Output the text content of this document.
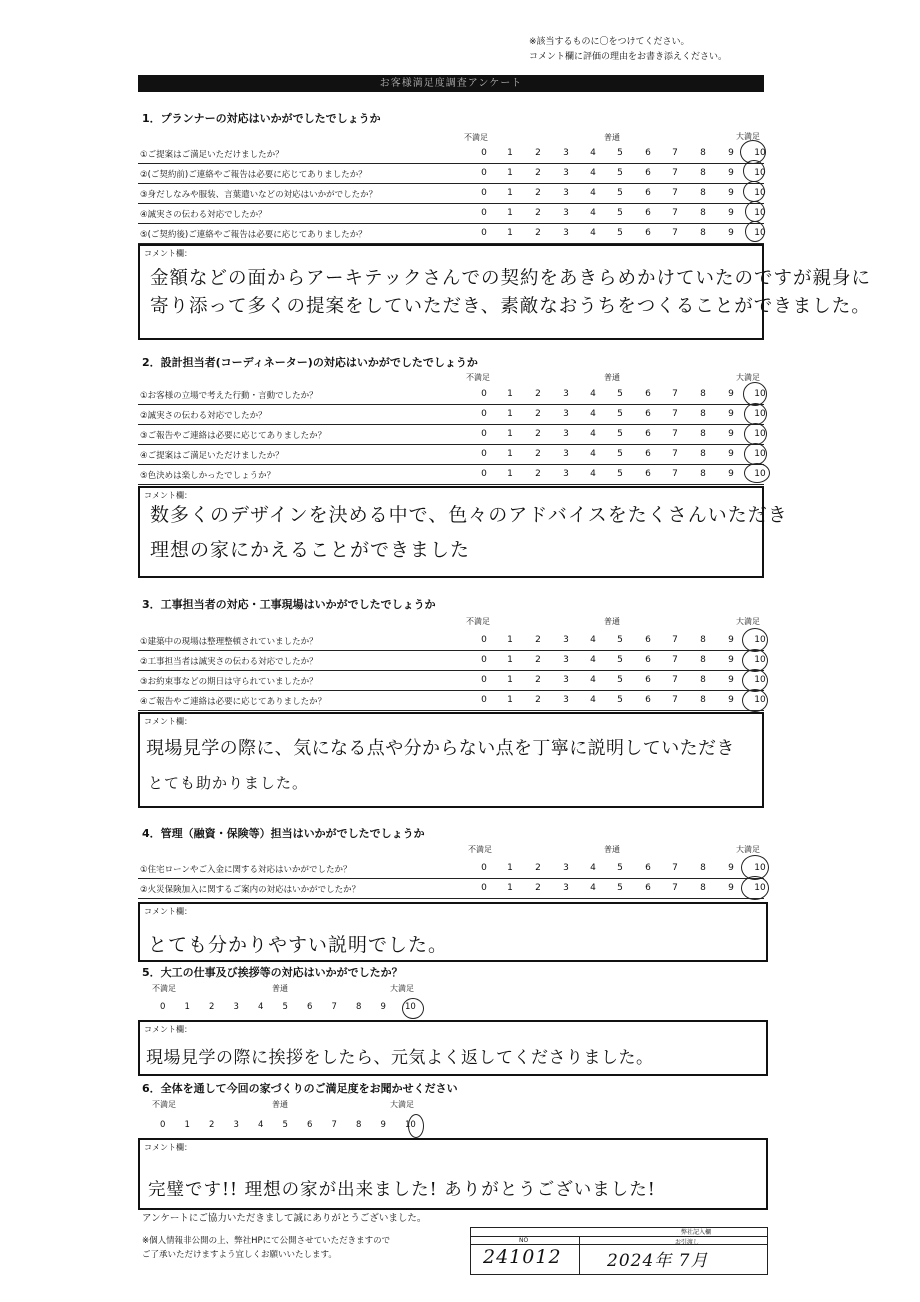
※該当するものに〇をつけてください。
コメント欄に評価の理由をお書き添えください。
お客様満足度調査アンケート
1．プランナーの対応はいかがでしたでしょうか
不満足	普通	大満足
①ご提案はご満足いただけましたか？	0	1	2	3	4	5	6	7	8	9	10
②(ご契約前)ご連絡やご報告は必要に応じてありましたか？	0	1	2	3	4	5	6	7	8	9	10
③身だしなみや服装、言葉遣いなどの対応はいかがでしたか？	0	1	2	3	4	5	6	7	8	9	10
④誠実さの伝わる対応でしたか？	0	1	2	3	4	5	6	7	8	9	10
⑤(ご契約後)ご連絡やご報告は必要に応じてありましたか？	0	1	2	3	4	5	6	7	8	9	10
コメント欄：
金額などの面からアーキテックさんでの契約をあきらめかけていたのですが親身に
寄り添って多くの提案をしていただき、素敵なおうちをつくることができました。
2．設計担当者(コーディネーター)の対応はいかがでしたでしょうか
不満足	普通	大満足
①お客様の立場で考えた行動・言動でしたか？	0	1	2	3	4	5	6	7	8	9	10
②誠実さの伝わる対応でしたか？	0	1	2	3	4	5	6	7	8	9	10
③ご報告やご連絡は必要に応じてありましたか？	0	1	2	3	4	5	6	7	8	9	10
④ご提案はご満足いただけましたか？	0	1	2	3	4	5	6	7	8	9	10
⑤色決めは楽しかったでしょうか？	0	1	2	3	4	5	6	7	8	9	10
コメント欄：
数多くのデザインを決める中で、色々のアドバイスをたくさんいただき
理想の家にかえることができました
3．工事担当者の対応・工事現場はいかがでしたでしょうか
不満足	普通	大満足
①建築中の現場は整理整頓されていましたか？	0	1	2	3	4	5	6	7	8	9	10
②工事担当者は誠実さの伝わる対応でしたか？	0	1	2	3	4	5	6	7	8	9	10
③お約束事などの期日は守られていましたか？	0	1	2	3	4	5	6	7	8	9	10
④ご報告やご連絡は必要に応じてありましたか？	0	1	2	3	4	5	6	7	8	9	10
コメント欄：
現場見学の際に、気になる点や分からない点を丁寧に説明していただき
とても助かりました。
4．管理（融資・保険等）担当はいかがでしたでしょうか
不満足	普通	大満足
①住宅ローンやご入金に関する対応はいかがでしたか？	0	1	2	3	4	5	6	7	8	9	10
②火災保険加入に関するご案内の対応はいかがでしたか？	0	1	2	3	4	5	6	7	8	9	10
コメント欄：
とても分かりやすい説明でした。
5．大工の仕事及び挨拶等の対応はいかがでしたか？
不満足	普通	大満足
0 1 2 3 4 5 6 7 8 9 10
コメント欄：
現場見学の際に挨拶をしたら、元気よく返してくださりました。
6．全体を通して今回の家づくりのご満足度をお聞かせください
不満足	普通	大満足
0 1 2 3 4 5 6 7 8 9 10
コメント欄：
完璧です!! 理想の家が出来ました! ありがとうございました!
アンケートにご協力いただきまして誠にありがとうございました。
※個人情報非公開の上、弊社HPにて公開させていただきますので
ご了承いただけますよう宜しくお願いいたします。
弊社記入欄
NO	お引渡し
241012	2024年 7月
